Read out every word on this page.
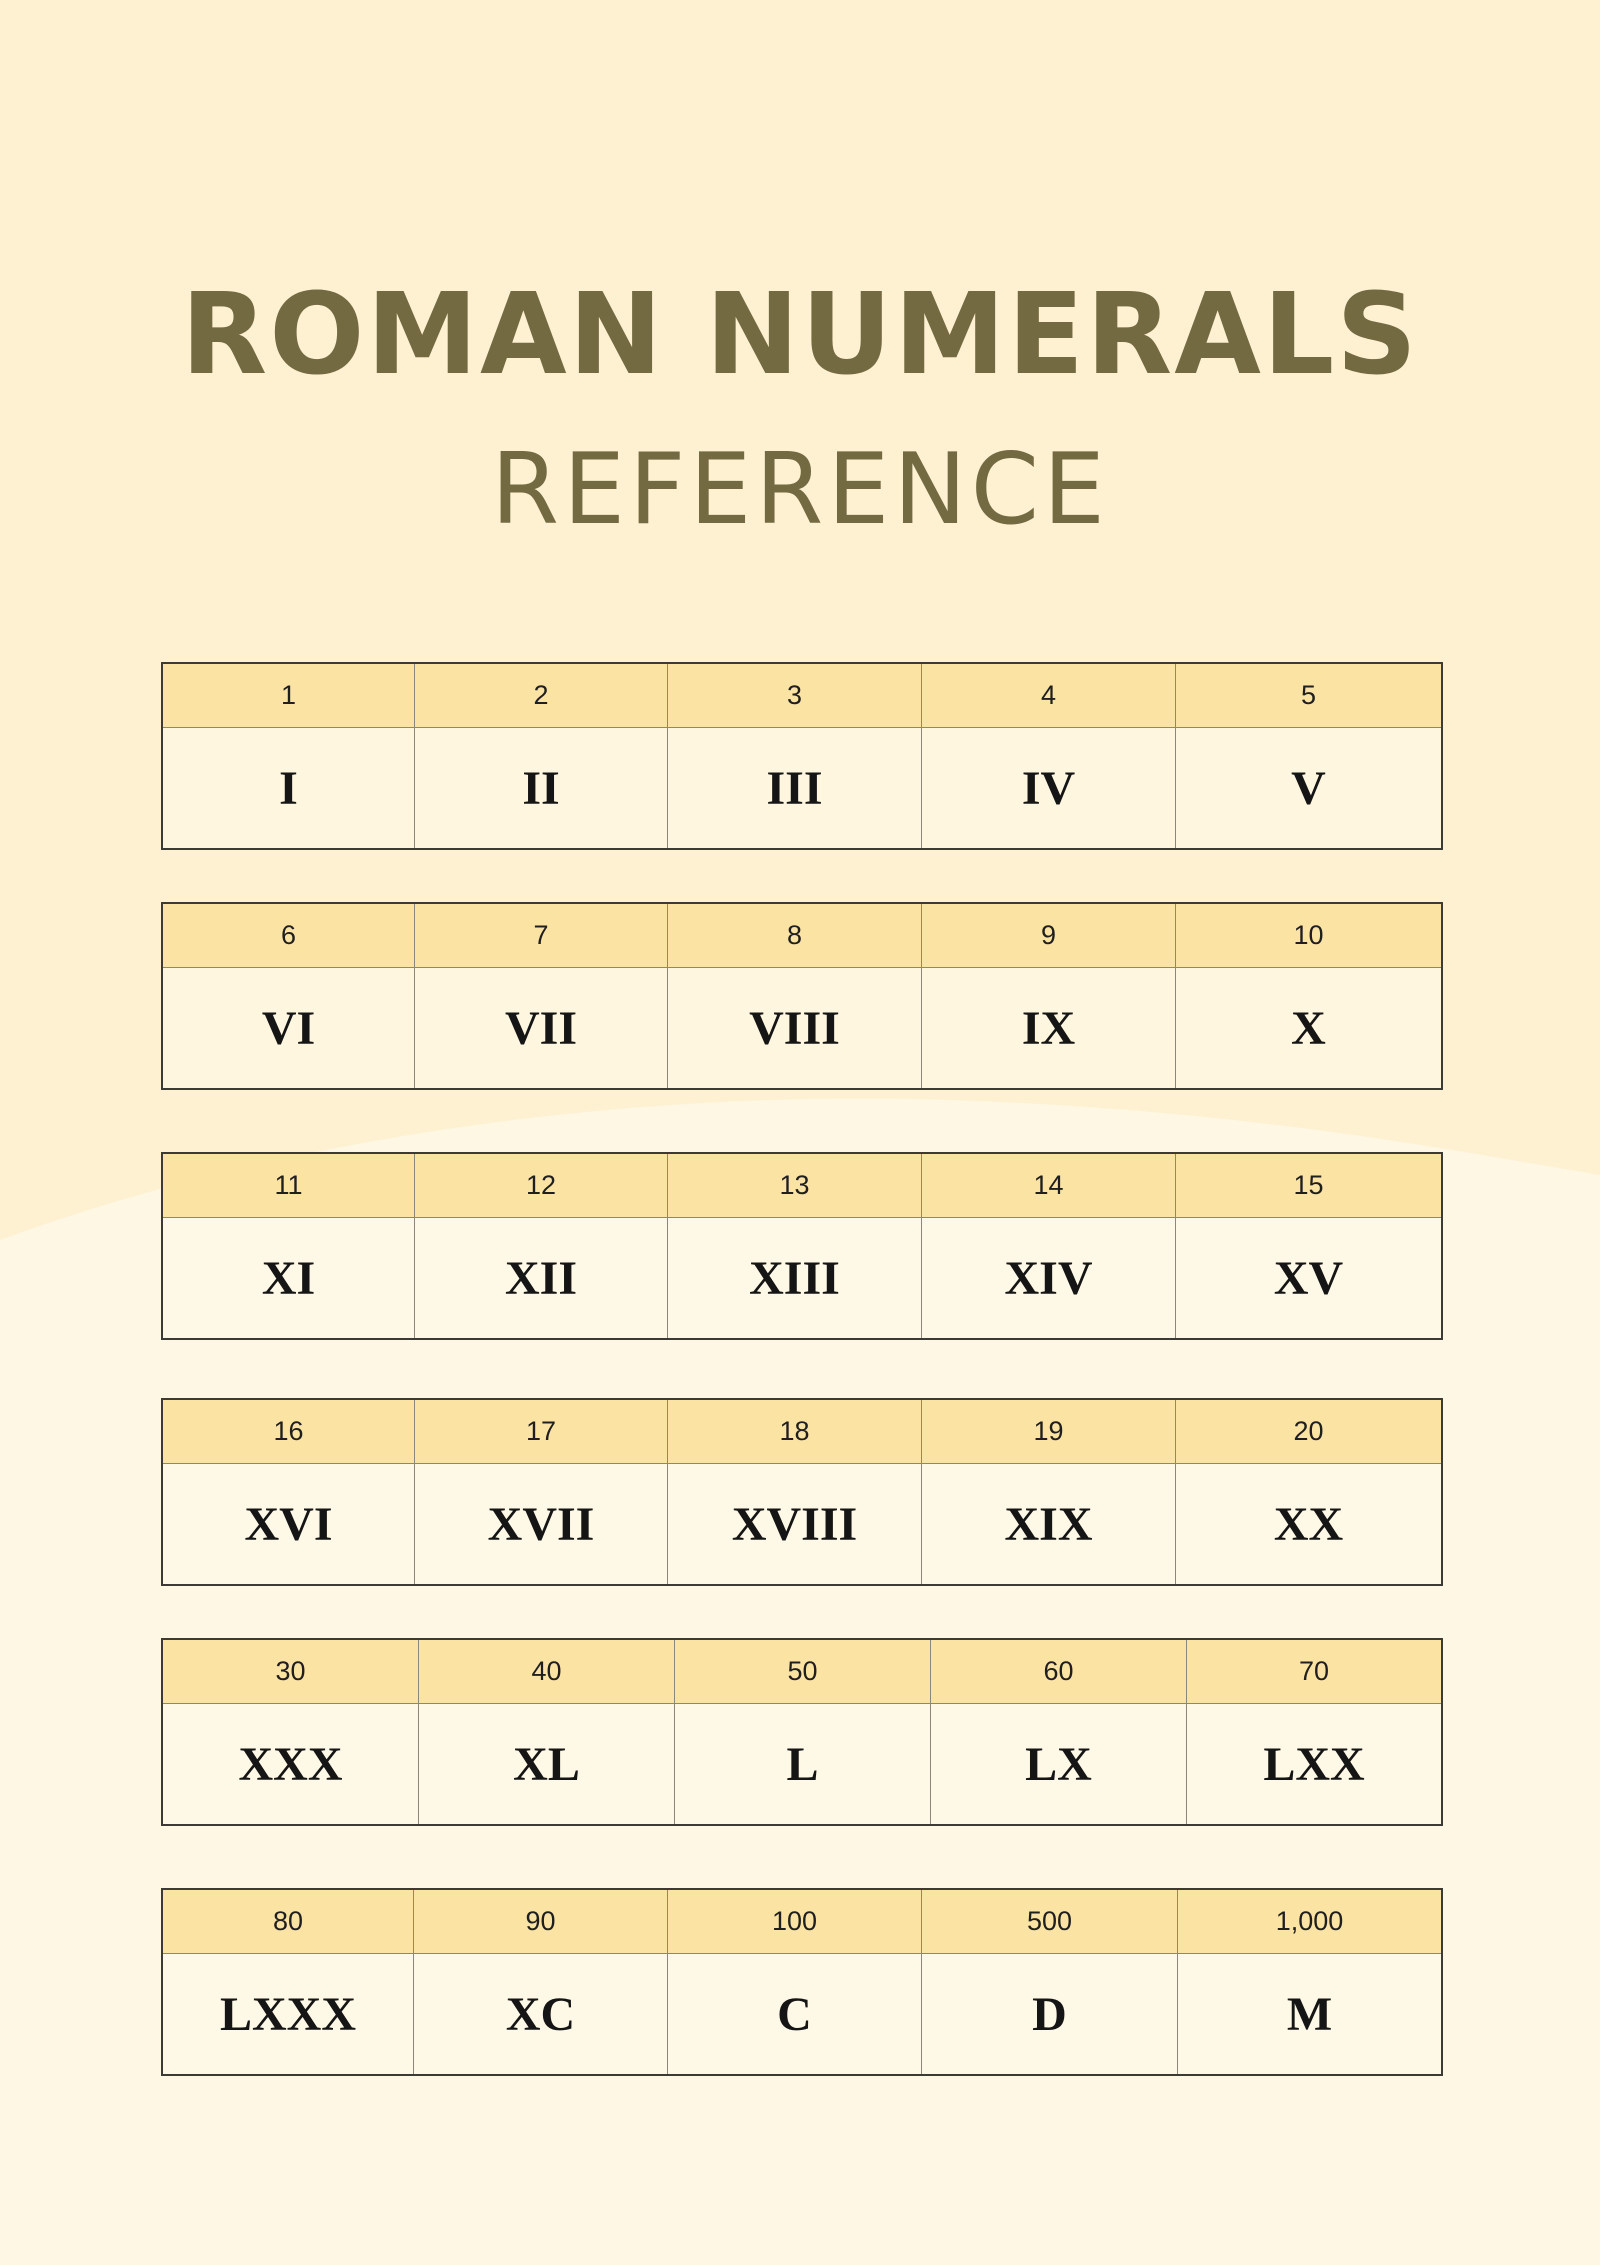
ROMAN NUMERALS
REFERENCE
1	2	3	4	5
I	II	III	IV	V
6	7	8	9	10
VI	VII	VIII	IX	X
11	12	13	14	15
XI	XII	XIII	XIV	XV
16	17	18	19	20
XVI	XVII	XVIII	XIX	XX
30	40	50	60	70
XXX	XL	L	LX	LXX
80	90	100	500	1,000
LXXX	XC	C	D	M
